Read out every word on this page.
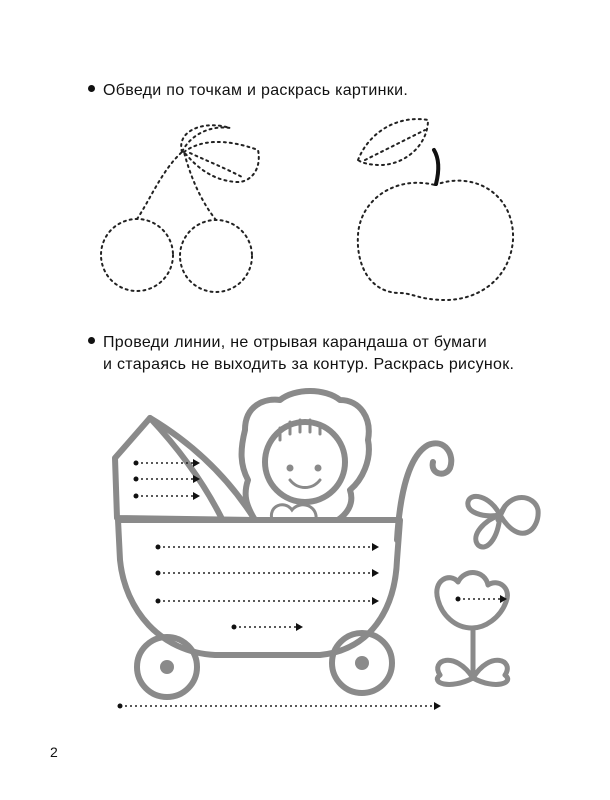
Обведи по точкам и раскрась картинки.
Проведи линии, не отрывая карандаша от бумаги
и стараясь не выходить за контур. Раскрась рисунок.
2
